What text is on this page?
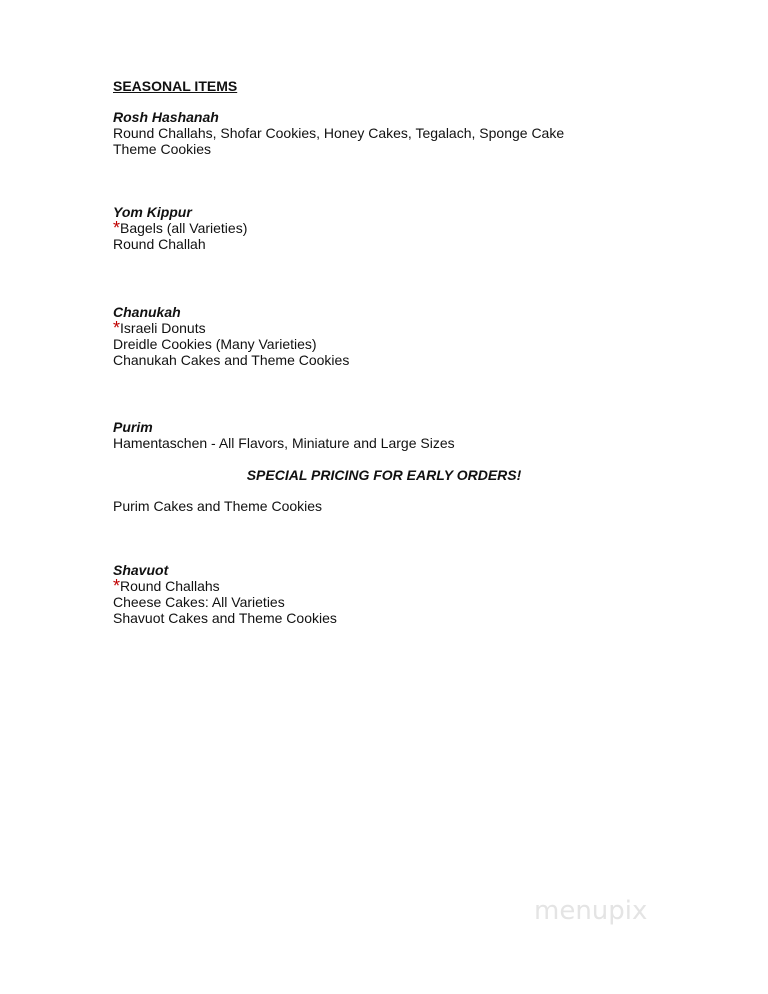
SEASONAL ITEMS

Rosh Hashanah

Round Challahs, Shofar Cookies, Honey Cakes, Tegalach, Sponge Cake

Theme Cookies

Yom Kippur

*Bagels (all Varieties)

Round Challah

Chanukah

*Israeli Donuts

Dreidle Cookies (Many Varieties)

Chanukah Cakes and Theme Cookies

Purim

Hamentaschen - All Flavors, Miniature and Large Sizes

SPECIAL PRICING FOR EARLY ORDERS!

Purim Cakes and Theme Cookies

Shavuot

*Round Challahs

Cheese Cakes: All Varieties

Shavuot Cakes and Theme Cookies

menupix
